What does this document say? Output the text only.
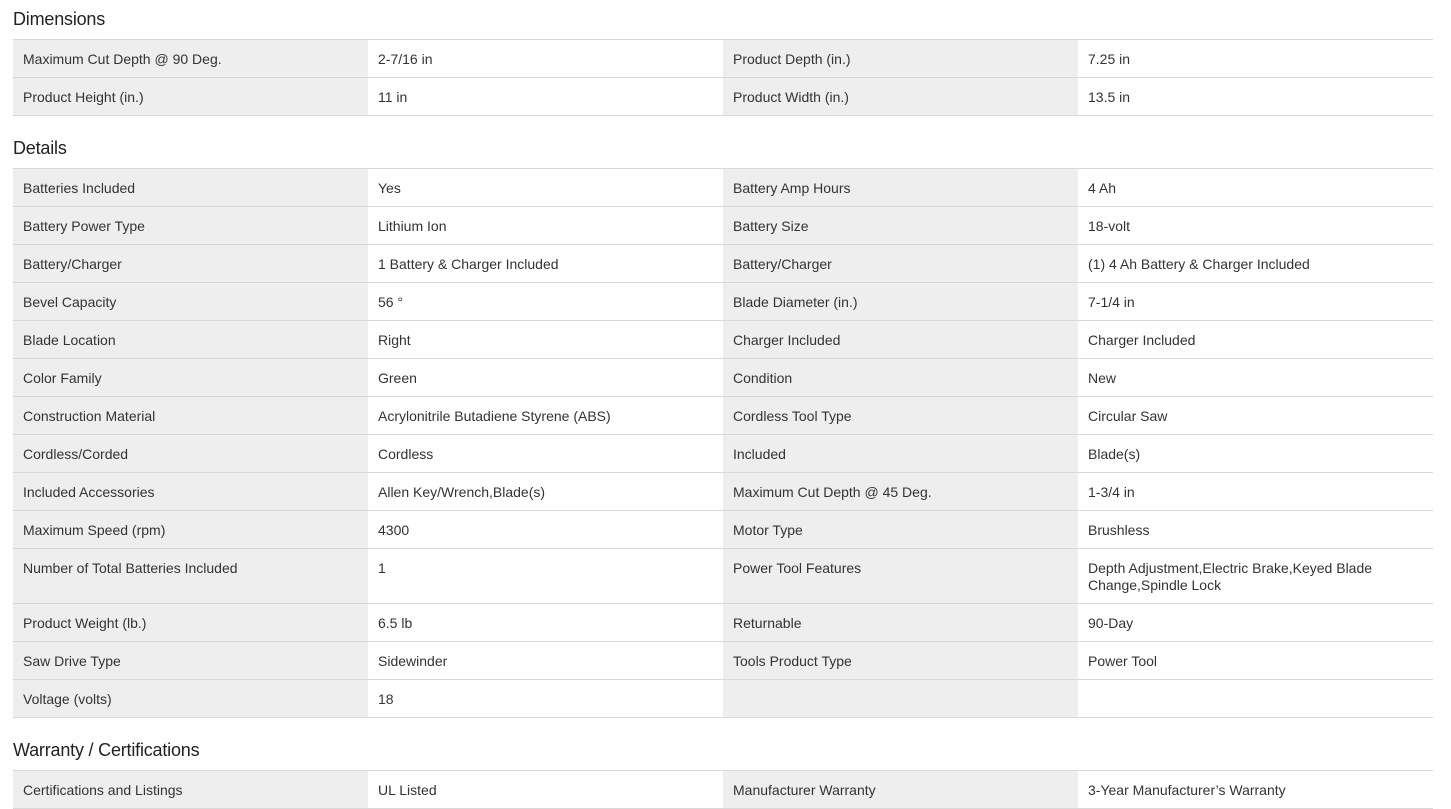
Dimensions
Maximum Cut Depth @ 90 Deg.	2-7/16 in	Product Depth (in.)	7.25 in
Product Height (in.)	11 in	Product Width (in.)	13.5 in
Details
Batteries Included	Yes	Battery Amp Hours	4 Ah
Battery Power Type	Lithium Ion	Battery Size	18-volt
Battery/Charger	1 Battery & Charger Included	Battery/Charger	(1) 4 Ah Battery & Charger Included
Bevel Capacity	56 °	Blade Diameter (in.)	7-1/4 in
Blade Location	Right	Charger Included	Charger Included
Color Family	Green	Condition	New
Construction Material	Acrylonitrile Butadiene Styrene (ABS)	Cordless Tool Type	Circular Saw
Cordless/Corded	Cordless	Included	Blade(s)
Included Accessories	Allen Key/Wrench,Blade(s)	Maximum Cut Depth @ 45 Deg.	1-3/4 in
Maximum Speed (rpm)	4300	Motor Type	Brushless
Number of Total Batteries Included	1	Power Tool Features	Depth Adjustment,Electric Brake,Keyed Blade Change,Spindle Lock
Product Weight (lb.)	6.5 lb	Returnable	90-Day
Saw Drive Type	Sidewinder	Tools Product Type	Power Tool
Voltage (volts)	18
Warranty / Certifications
Certifications and Listings	UL Listed	Manufacturer Warranty	3-Year Manufacturer’s Warranty
